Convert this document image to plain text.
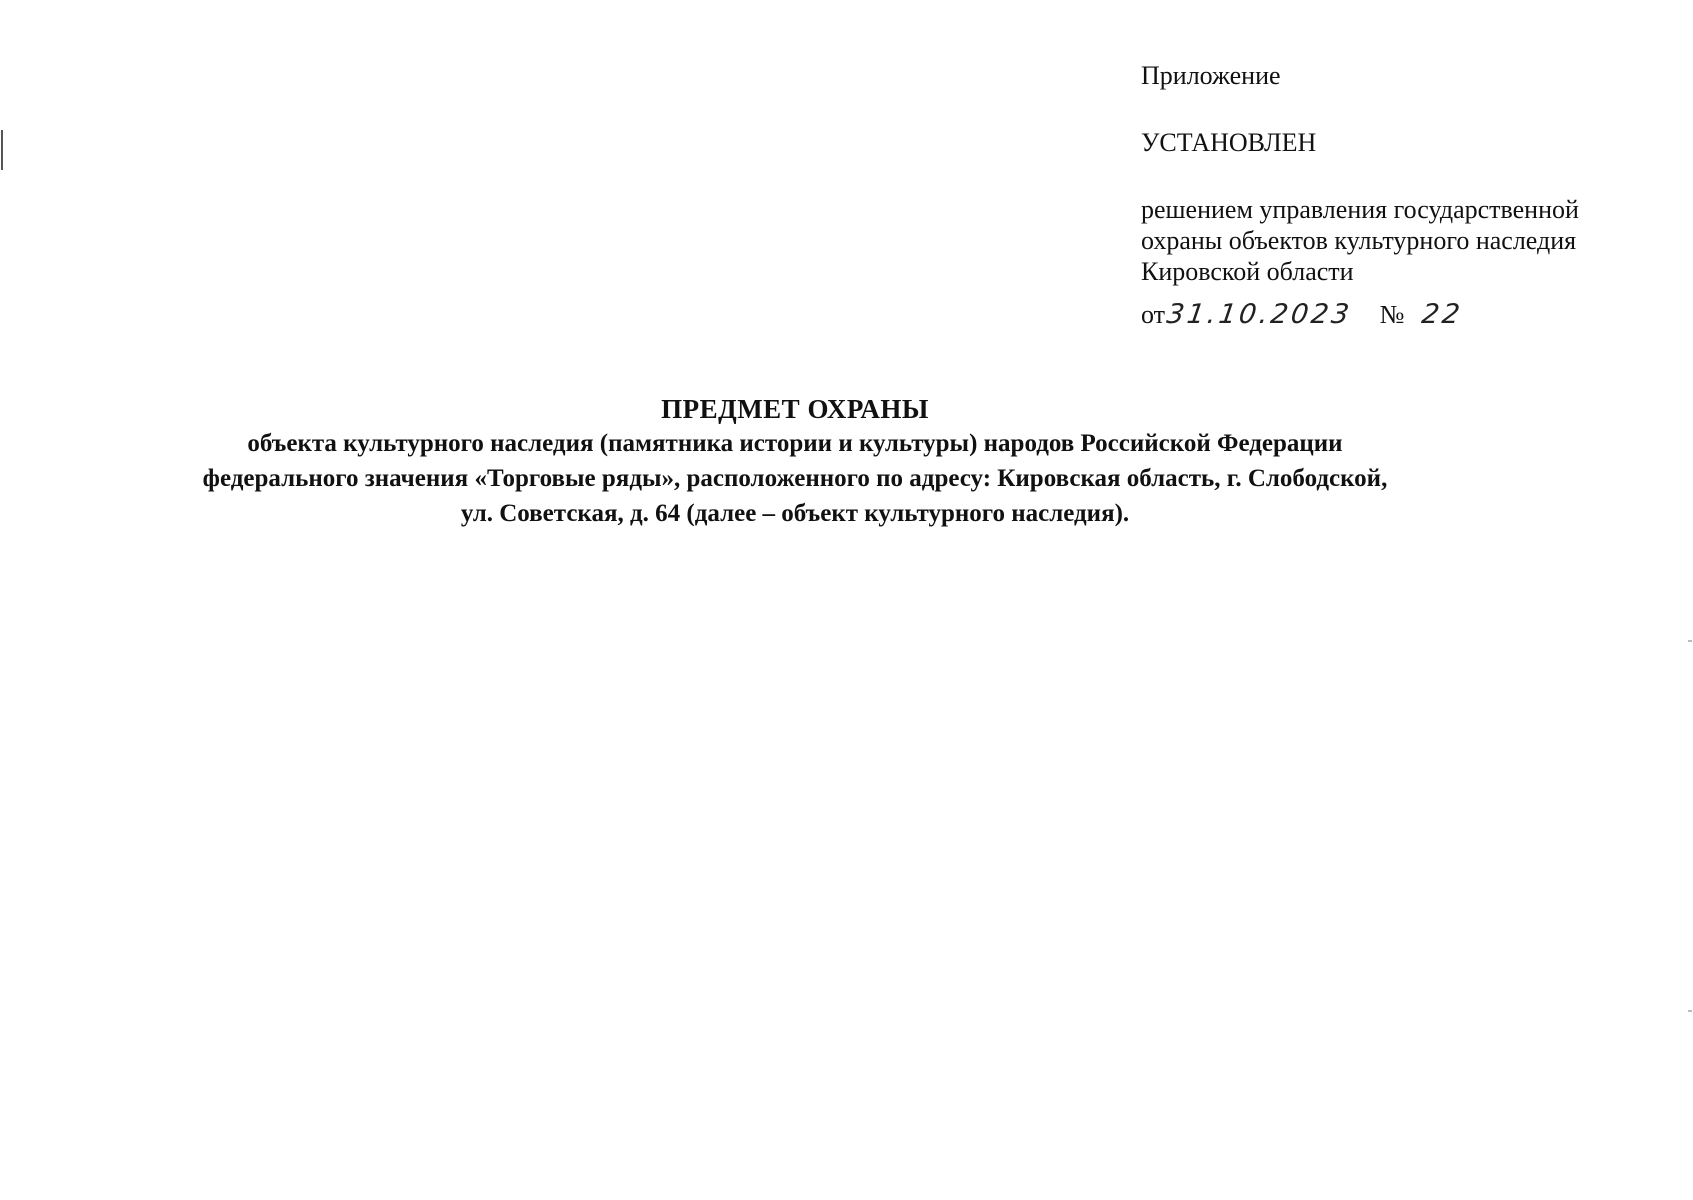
Приложение
УСТАНОВЛЕН
решением управления государственной
охраны объектов культурного наследия
Кировской области
от 31.10.2023 № 22
ПРЕДМЕТ ОХРАНЫ
объекта культурного наследия (памятника истории и культуры) народов Российской Федерации
федерального значения «Торговые ряды», расположенного по адресу: Кировская область, г. Слободской,
ул. Советская, д. 64 (далее – объект культурного наследия).
